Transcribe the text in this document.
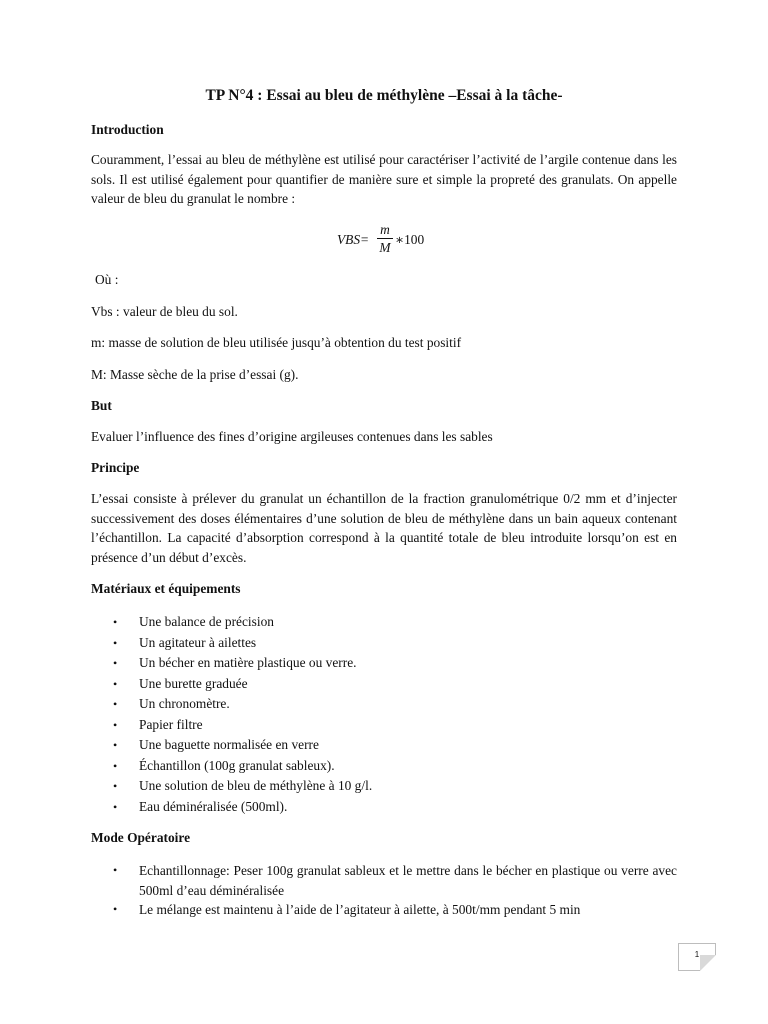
TP N°4 : Essai au bleu de méthylène –Essai à la tâche-
Introduction

Couramment, l’essai au bleu de méthylène est utilisé pour caractériser l’activité de l’argile contenue dans les sols. Il est utilisé également pour quantifier de manière sure et simple la propreté des granulats. On appelle valeur de bleu du granulat le nombre :

VBS=
m
M
∗100

Où :

Vbs : valeur de bleu du sol.

m: masse de solution de bleu utilisée jusqu’à obtention du test positif

M: Masse sèche de la prise d’essai (g).

But

Evaluer l’influence des fines d’origine argileuses contenues dans les sables

Principe

L’essai consiste à prélever du granulat un échantillon de la fraction granulométrique 0/2 mm et d’injecter successivement des doses élémentaires d’une solution de bleu de méthylène dans un bain aqueux contenant l’échantillon. La capacité d’absorption correspond à la quantité totale de bleu introduite lorsqu’on est en présence d’un début d’excès.

Matériaux et équipements
• Une balance de précision
• Un agitateur à ailettes
• Un bécher en matière plastique ou verre.
• Une burette graduée
• Un chronomètre.
• Papier filtre
• Une baguette normalisée en verre
• Échantillon (100g granulat sableux).
• Une solution de bleu de méthylène à 10 g/l.
• Eau déminéralisée (500ml).
Mode Opératoire
• Echantillonnage: Peser 100g granulat sableux et le mettre dans le bécher en plastique ou verre avec 500ml d’eau déminéralisée
• Le mélange est maintenu à l’aide de l’agitateur à ailette, à 500t/mm pendant 5 min
1
